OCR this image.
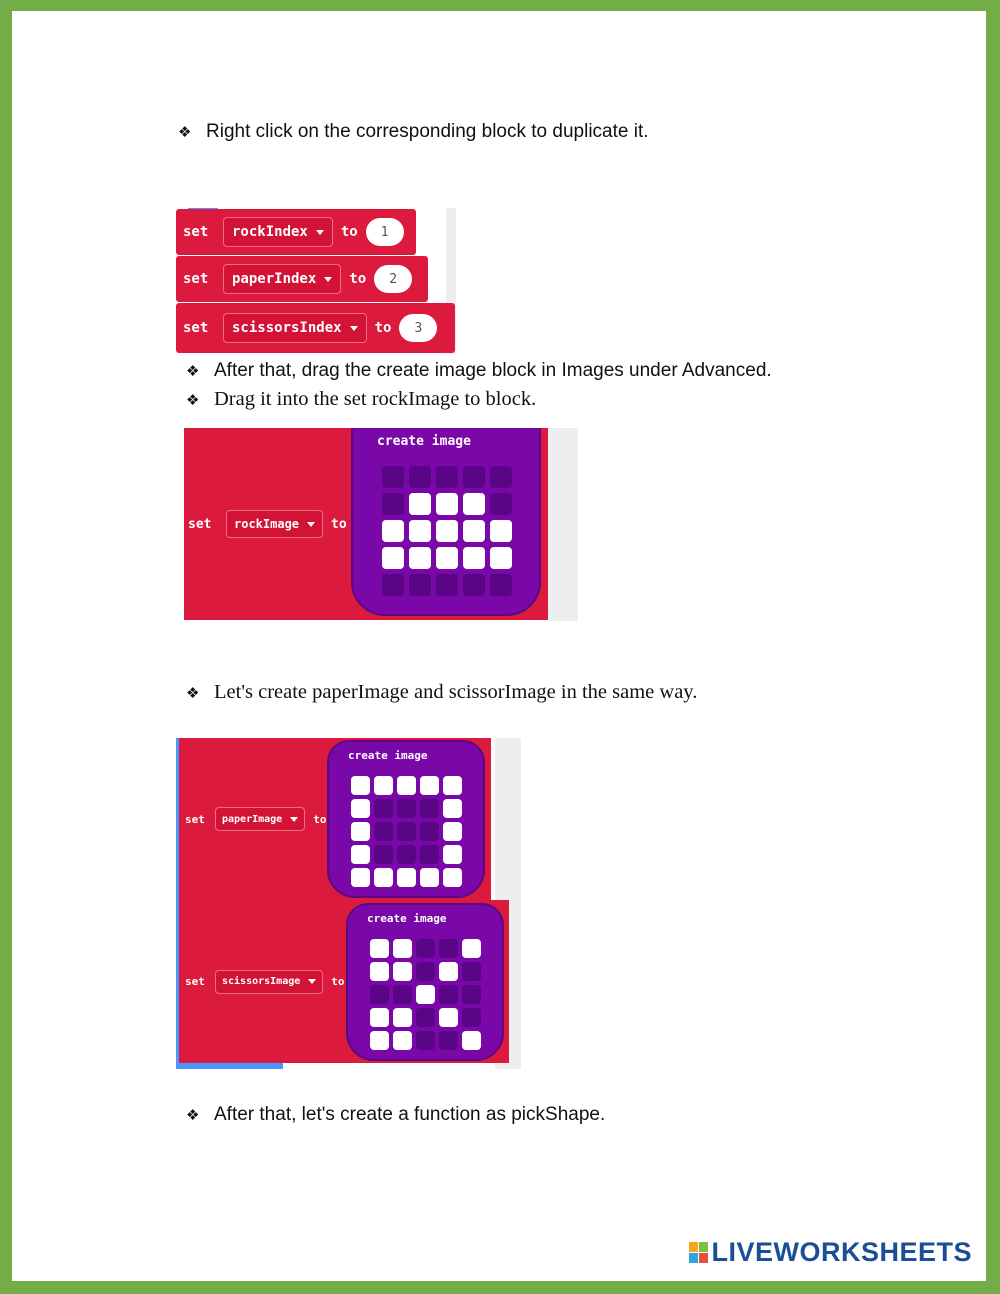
❖ Right click on the corresponding block to duplicate it.
set	rockIndex to	1
set	paperIndex to	2
set	scissorsIndex to	3
❖ After that, drag the create image block in Images under Advanced.
❖ Drag it into the set rockImage to block.
set	rockImage to
create image
❖ Let's create paperImage and scissorImage in the same way.
set	paperImage	to
create image
set	scissorsImage	to
create image
❖ After that, let's create a function as pickShape.
LIVEWORKSHEETS
